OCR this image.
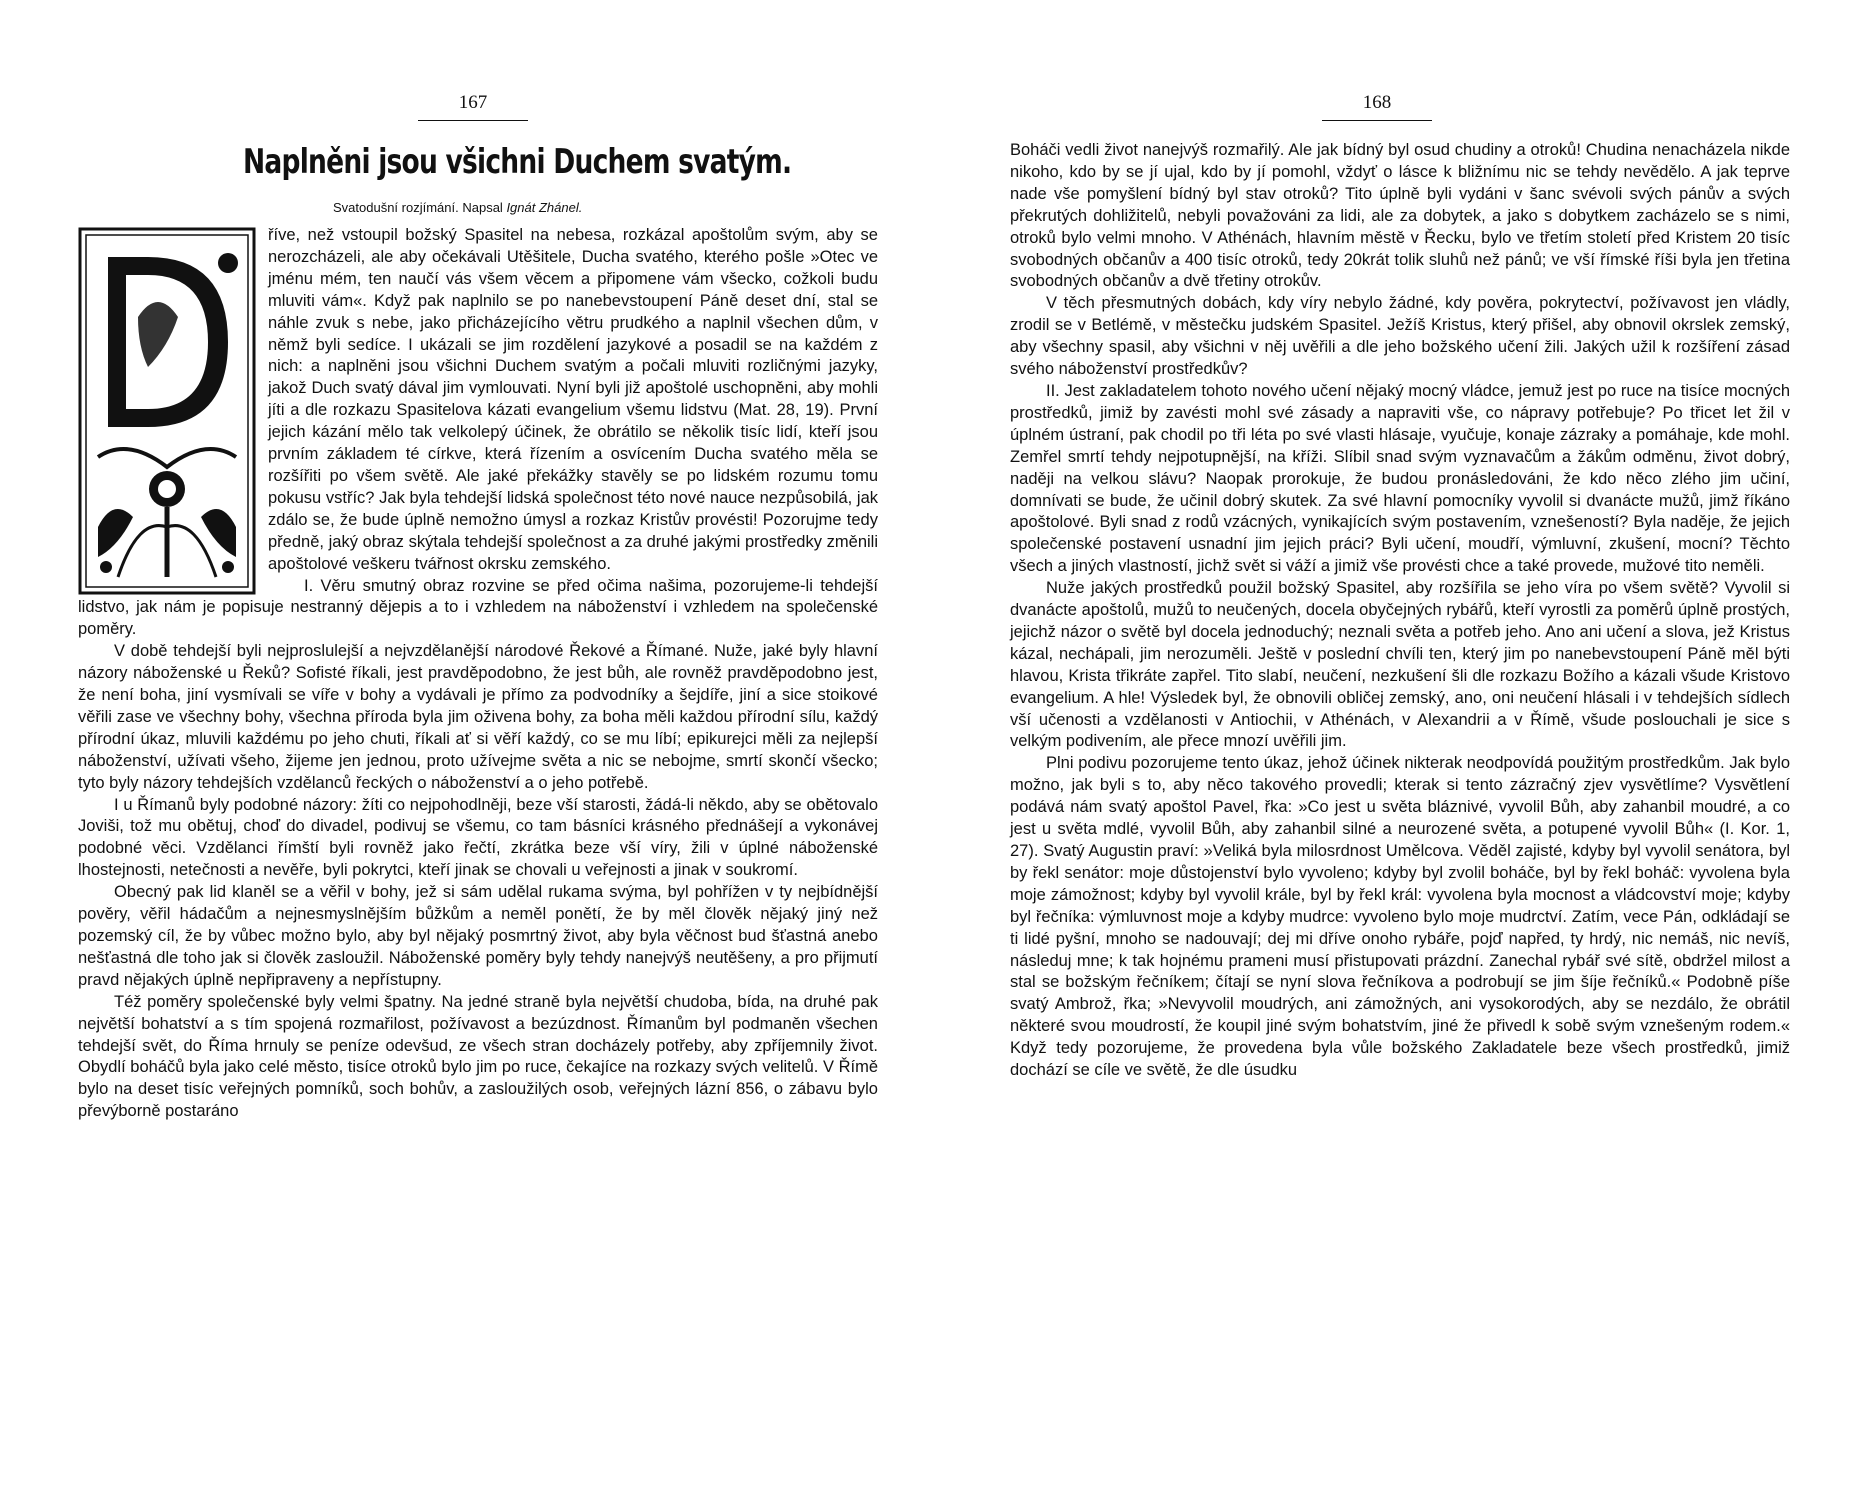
167
Naplněni jsou všichni Duchem svatým.
Svatodušní rozjímání. Napsal Ignát Zhánel.

říve, než vstoupil božský Spasitel na nebesa, rozkázal apoštolům svým, aby se nerozcházeli, ale aby očekávali Utěšitele, Ducha svatého, kterého pošle »Otec ve jménu mém, ten naučí vás všem věcem a připomene vám všecko, cožkoli budu mluviti vám«. Když pak naplnilo se po nanebevstoupení Páně deset dní, stal se náhle zvuk s nebe, jako přicházejícího větru prudkého a naplnil všechen dům, v němž byli sedíce. I ukázali se jim rozdělení jazykové a posadil se na každém z nich: a naplněni jsou všichni Duchem svatým a počali mluviti rozličnými jazyky, jakož Duch svatý dával jim vymlouvati. Nyní byli již apoštolé uschopněni, aby mohli jíti a dle rozkazu Spasitelova kázati evangelium všemu lidstvu (Mat. 28, 19). První jejich kázání mělo tak velkolepý účinek, že obrátilo se několik tisíc lidí, kteří jsou prvním základem té církve, která řízením a osvícením Ducha svatého měla se rozšířiti po všem světě. Ale jaké překážky stavěly se po lidském rozumu tomu pokusu vstříc? Jak byla tehdejší lidská společnost této nové nauce nezpůsobilá, jak zdálo se, že bude úplně nemožno úmysl a rozkaz Kristův provésti! Pozorujme tedy předně, jaký obraz skýtala tehdejší společnost a za druhé jakými prostředky změnili apoštolové veškeru tvářnost okrsku zemského.

I. Věru smutný obraz rozvine se před očima našima, pozorujeme-li tehdejší lidstvo, jak nám je popisuje nestranný dějepis a to i vzhledem na náboženství i vzhledem na společenské poměry.

V době tehdejší byli nejproslulejší a nejvzdělanější národové Řekové a Římané. Nuže, jaké byly hlavní názory náboženské u Řeků? Sofisté říkali, jest pravděpodobno, že jest bůh, ale rovněž pravděpodobno jest, že není boha, jiní vysmívali se víře v bohy a vydávali je přímo za podvodníky a šejdíře, jiní a sice stoikové věřili zase ve všechny bohy, všechna příroda byla jim oživena bohy, za boha měli každou přírodní sílu, každý přírodní úkaz, mluvili každému po jeho chuti, říkali ať si věří každý, co se mu líbí; epikurejci měli za nejlepší náboženství, užívati všeho, žijeme jen jednou, proto užívejme světa a nic se nebojme, smrtí skončí všecko; tyto byly názory tehdejších vzdělanců řeckých o náboženství a o jeho potřebě.

I u Římanů byly podobné názory: žíti co nejpohodlněji, beze vší starosti, žádá-li někdo, aby se obětovalo Joviši, tož mu obětuj, choď do divadel, podivuj se všemu, co tam básníci krásného přednášejí a vykonávej podobné věci. Vzdělanci římští byli rovněž jako řečtí, zkrátka beze vší víry, žili v úplné náboženské lhostejnosti, netečnosti a nevěře, byli pokrytci, kteří jinak se chovali u veřejnosti a jinak v soukromí.

Obecný pak lid klaněl se a věřil v bohy, jež si sám udělal rukama svýma, byl pohřížen v ty nejbídnější pověry, věřil hádačům a nejnesmyslnějším bůžkům a neměl ponětí, že by měl člověk nějaký jiný než pozemský cíl, že by vůbec možno bylo, aby byl nějaký posmrtný život, aby byla věčnost bud šťastná anebo nešťastná dle toho jak si člověk zasloužil. Náboženské poměry byly tehdy nanejvýš neutěšeny, a pro přijmutí pravd nějakých úplně nepřipraveny a nepřístupny.

Též poměry společenské byly velmi špatny. Na jedné straně byla největší chudoba, bída, na druhé pak největší bohatství a s tím spojená rozmařilost, požívavost a bezúzdnost. Římanům byl podmaněn všechen tehdejší svět, do Říma hrnuly se peníze odevšud, ze všech stran docházely potřeby, aby zpříjemnily život. Obydlí boháčů byla jako celé město, tisíce otroků bylo jim po ruce, čekajíce na rozkazy svých velitelů. V Římě bylo na deset tisíc veřejných pomníků, soch bohův, a zasloužilých osob, veřejných lázní 856, o zábavu bylo převýborně postaráno

168

Boháči vedli život nanejvýš rozmařilý. Ale jak bídný byl osud chudiny a otroků! Chudina nenacházela nikde nikoho, kdo by se jí ujal, kdo by jí pomohl, vždyť o lásce k bližnímu nic se tehdy nevědělo. A jak teprve nade vše pomyšlení bídný byl stav otroků? Tito úplně byli vydáni v šanc svévoli svých pánův a svých překrutých dohližitelů, nebyli považováni za lidi, ale za dobytek, a jako s dobytkem zacházelo se s nimi, otroků bylo velmi mnoho. V Athénách, hlavním městě v Řecku, bylo ve třetím století před Kristem 20 tisíc svobodných občanův a 400 tisíc otroků, tedy 20krát tolik sluhů než pánů; ve vší římské říši byla jen třetina svobodných občanův a dvě třetiny otrokův.

V těch přesmutných dobách, kdy víry nebylo žádné, kdy pověra, pokrytectví, požívavost jen vládly, zrodil se v Betlémě, v městečku judském Spasitel. Ježíš Kristus, který přišel, aby obnovil okrslek zemský, aby všechny spasil, aby všichni v něj uvěřili a dle jeho božského učení žili. Jakých užil k rozšíření zásad svého náboženství prostředkův?

II. Jest zakladatelem tohoto nového učení nějaký mocný vládce, jemuž jest po ruce na tisíce mocných prostředků, jimiž by zavésti mohl své zásady a napraviti vše, co nápravy potřebuje? Po třicet let žil v úplném ústraní, pak chodil po tři léta po své vlasti hlásaje, vyučuje, konaje zázraky a pomáhaje, kde mohl. Zemřel smrtí tehdy nejpotupnější, na kříži. Slíbil snad svým vyznavačům a žákům odměnu, život dobrý, naději na velkou slávu? Naopak prorokuje, že budou pronásledováni, že kdo něco zlého jim učiní, domnívati se bude, že učinil dobrý skutek. Za své hlavní pomocníky vyvolil si dvanácte mužů, jimž říkáno apoštolové. Byli snad z rodů vzácných, vynikajících svým postavením, vznešeností? Byla naděje, že jejich společenské postavení usnadní jim jejich práci? Byli učení, moudří, výmluvní, zkušení, mocní? Těchto všech a jiných vlastností, jichž svět si váží a jimiž vše provésti chce a také provede, mužové tito neměli.

Nuže jakých prostředků použil božský Spasitel, aby rozšířila se jeho víra po všem světě? Vyvolil si dvanácte apoštolů, mužů to neučených, docela obyčejných rybářů, kteří vyrostli za poměrů úplně prostých, jejichž názor o světě byl docela jednoduchý; neznali světa a potřeb jeho. Ano ani učení a slova, jež Kristus kázal, nechápali, jim nerozuměli. Ještě v poslední chvíli ten, který jim po nanebevstoupení Páně měl býti hlavou, Krista třikráte zapřel. Tito slabí, neučení, nezkušení šli dle rozkazu Božího a kázali všude Kristovo evangelium. A hle! Výsledek byl, že obnovili obličej zemský, ano, oni neučení hlásali i v tehdejších sídlech vší učenosti a vzdělanosti v Antiochii, v Athénách, v Alexandrii a v Římě, všude poslouchali je sice s velkým podivením, ale přece mnozí uvěřili jim.

Plni podivu pozorujeme tento úkaz, jehož účinek nikterak neodpovídá použitým prostředkům. Jak bylo možno, jak byli s to, aby něco takového provedli; kterak si tento zázračný zjev vysvětlíme? Vysvětlení podává nám svatý apoštol Pavel, řka: »Co jest u světa bláznivé, vyvolil Bůh, aby zahanbil moudré, a co jest u světa mdlé, vyvolil Bůh, aby zahanbil silné a neurozené světa, a potupené vyvolil Bůh« (I. Kor. 1, 27). Svatý Augustin praví: »Veliká byla milosrdnost Umělcova. Věděl zajisté, kdyby byl vyvolil senátora, byl by řekl senátor: moje důstojenství bylo vyvoleno; kdyby byl zvolil boháče, byl by řekl boháč: vyvolena byla moje zámožnost; kdyby byl vyvolil krále, byl by řekl král: vyvolena byla mocnost a vládcovství moje; kdyby byl řečníka: výmluvnost moje a kdyby mudrce: vyvoleno bylo moje mudrctví. Zatím, vece Pán, odkládají se ti lidé pyšní, mnoho se nadouvají; dej mi dříve onoho rybáře, pojď napřed, ty hrdý, nic nemáš, nic nevíš, následuj mne; k tak hojnému prameni musí přistupovati prázdní. Zanechal rybář své sítě, obdržel milost a stal se božským řečníkem; čítají se nyní slova řečníkova a podrobují se jim šíje řečníků.« Podobně píše svatý Ambrož, řka; »Nevyvolil moudrých, ani zámožných, ani vysokorodých, aby se nezdálo, že obrátil některé svou moudrostí, že koupil jiné svým bohatstvím, jiné že přivedl k sobě svým vznešeným rodem.« Když tedy pozorujeme, že provedena byla vůle božského Zakladatele beze všech prostředků, jimiž dochází se cíle ve světě, že dle úsudku
